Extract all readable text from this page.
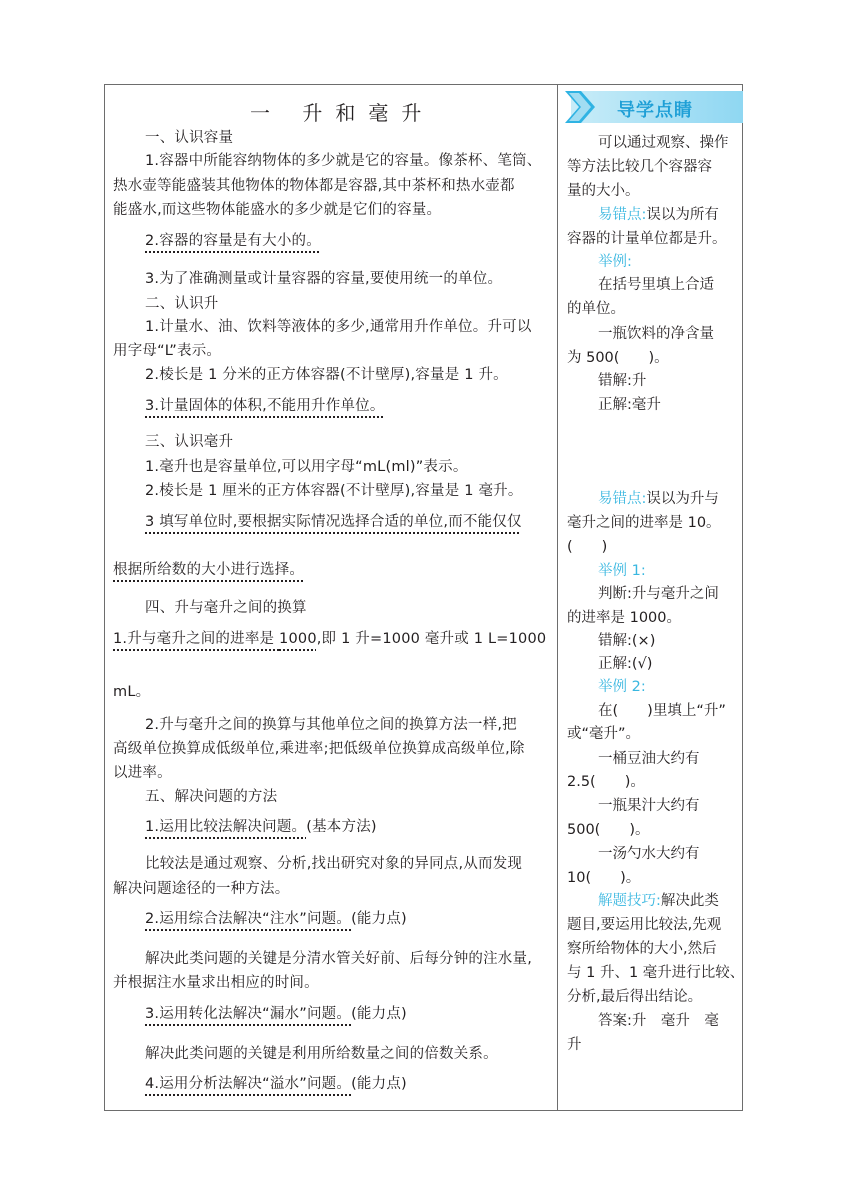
一 升和毫升
一、认识容量
1.容器中所能容纳物体的多少就是它的容量。像茶杯、笔筒、
热水壶等能盛装其他物体的物体都是容器,其中茶杯和热水壶都
能盛水,而这些物体能盛水的多少就是它们的容量。
2.容器的容量是有大小的。
3.为了准确测量或计量容器的容量,要使用统一的单位。
二、认识升
1.计量水、油、饮料等液体的多少,通常用升作单位。升可以
用字母“L”表示。
2.棱长是 1 分米的正方体容器(不计壁厚),容量是 1 升。
3.计量固体的体积,不能用升作单位。
三、认识毫升
1.毫升也是容量单位,可以用字母“mL(ml)”表示。
2.棱长是 1 厘米的正方体容器(不计壁厚),容量是 1 毫升。
3 填写单位时,要根据实际情况选择合适的单位,而不能仅仅
根据所给数的大小进行选择。
四、升与毫升之间的换算
1.升与毫升之间的进率是 1000,即 1 升=1000 毫升或 1 L=1000
mL。
2.升与毫升之间的换算与其他单位之间的换算方法一样,把
高级单位换算成低级单位,乘进率;把低级单位换算成高级单位,除
以进率。
五、解决问题的方法
1.运用比较法解决问题。(基本方法)
比较法是通过观察、分析,找出研究对象的异同点,从而发现
解决问题途径的一种方法。
2.运用综合法解决“注水”问题。(能力点)
解决此类问题的关键是分清水管关好前、后每分钟的注水量,
并根据注水量求出相应的时间。
3.运用转化法解决“漏水”问题。(能力点)
解决此类问题的关键是利用所给数量之间的倍数关系。
4.运用分析法解决“溢水”问题。(能力点)
导学点睛
可以通过观察、操作
等方法比较几个容器容
量的大小。
易错点:误以为所有
容器的计量单位都是升。
举例:
在括号里填上合适
的单位。
一瓶饮料的净含量
为 500(　　)。
错解:升
正解:毫升
易错点:误以为升与
毫升之间的进率是 10。
(　　)
举例 1:
判断:升与毫升之间
的进率是 1000。
错解:(×)
正解:(√)
举例 2:
在(　　)里填上“升”
或“毫升”。
一桶豆油大约有
2.5(　　)。
一瓶果汁大约有
500(　　)。
一汤勺水大约有
10(　　)。
解题技巧:解决此类
题目,要运用比较法,先观
察所给物体的大小,然后
与 1 升、1 毫升进行比较、
分析,最后得出结论。
答案:升　毫升　毫
升
